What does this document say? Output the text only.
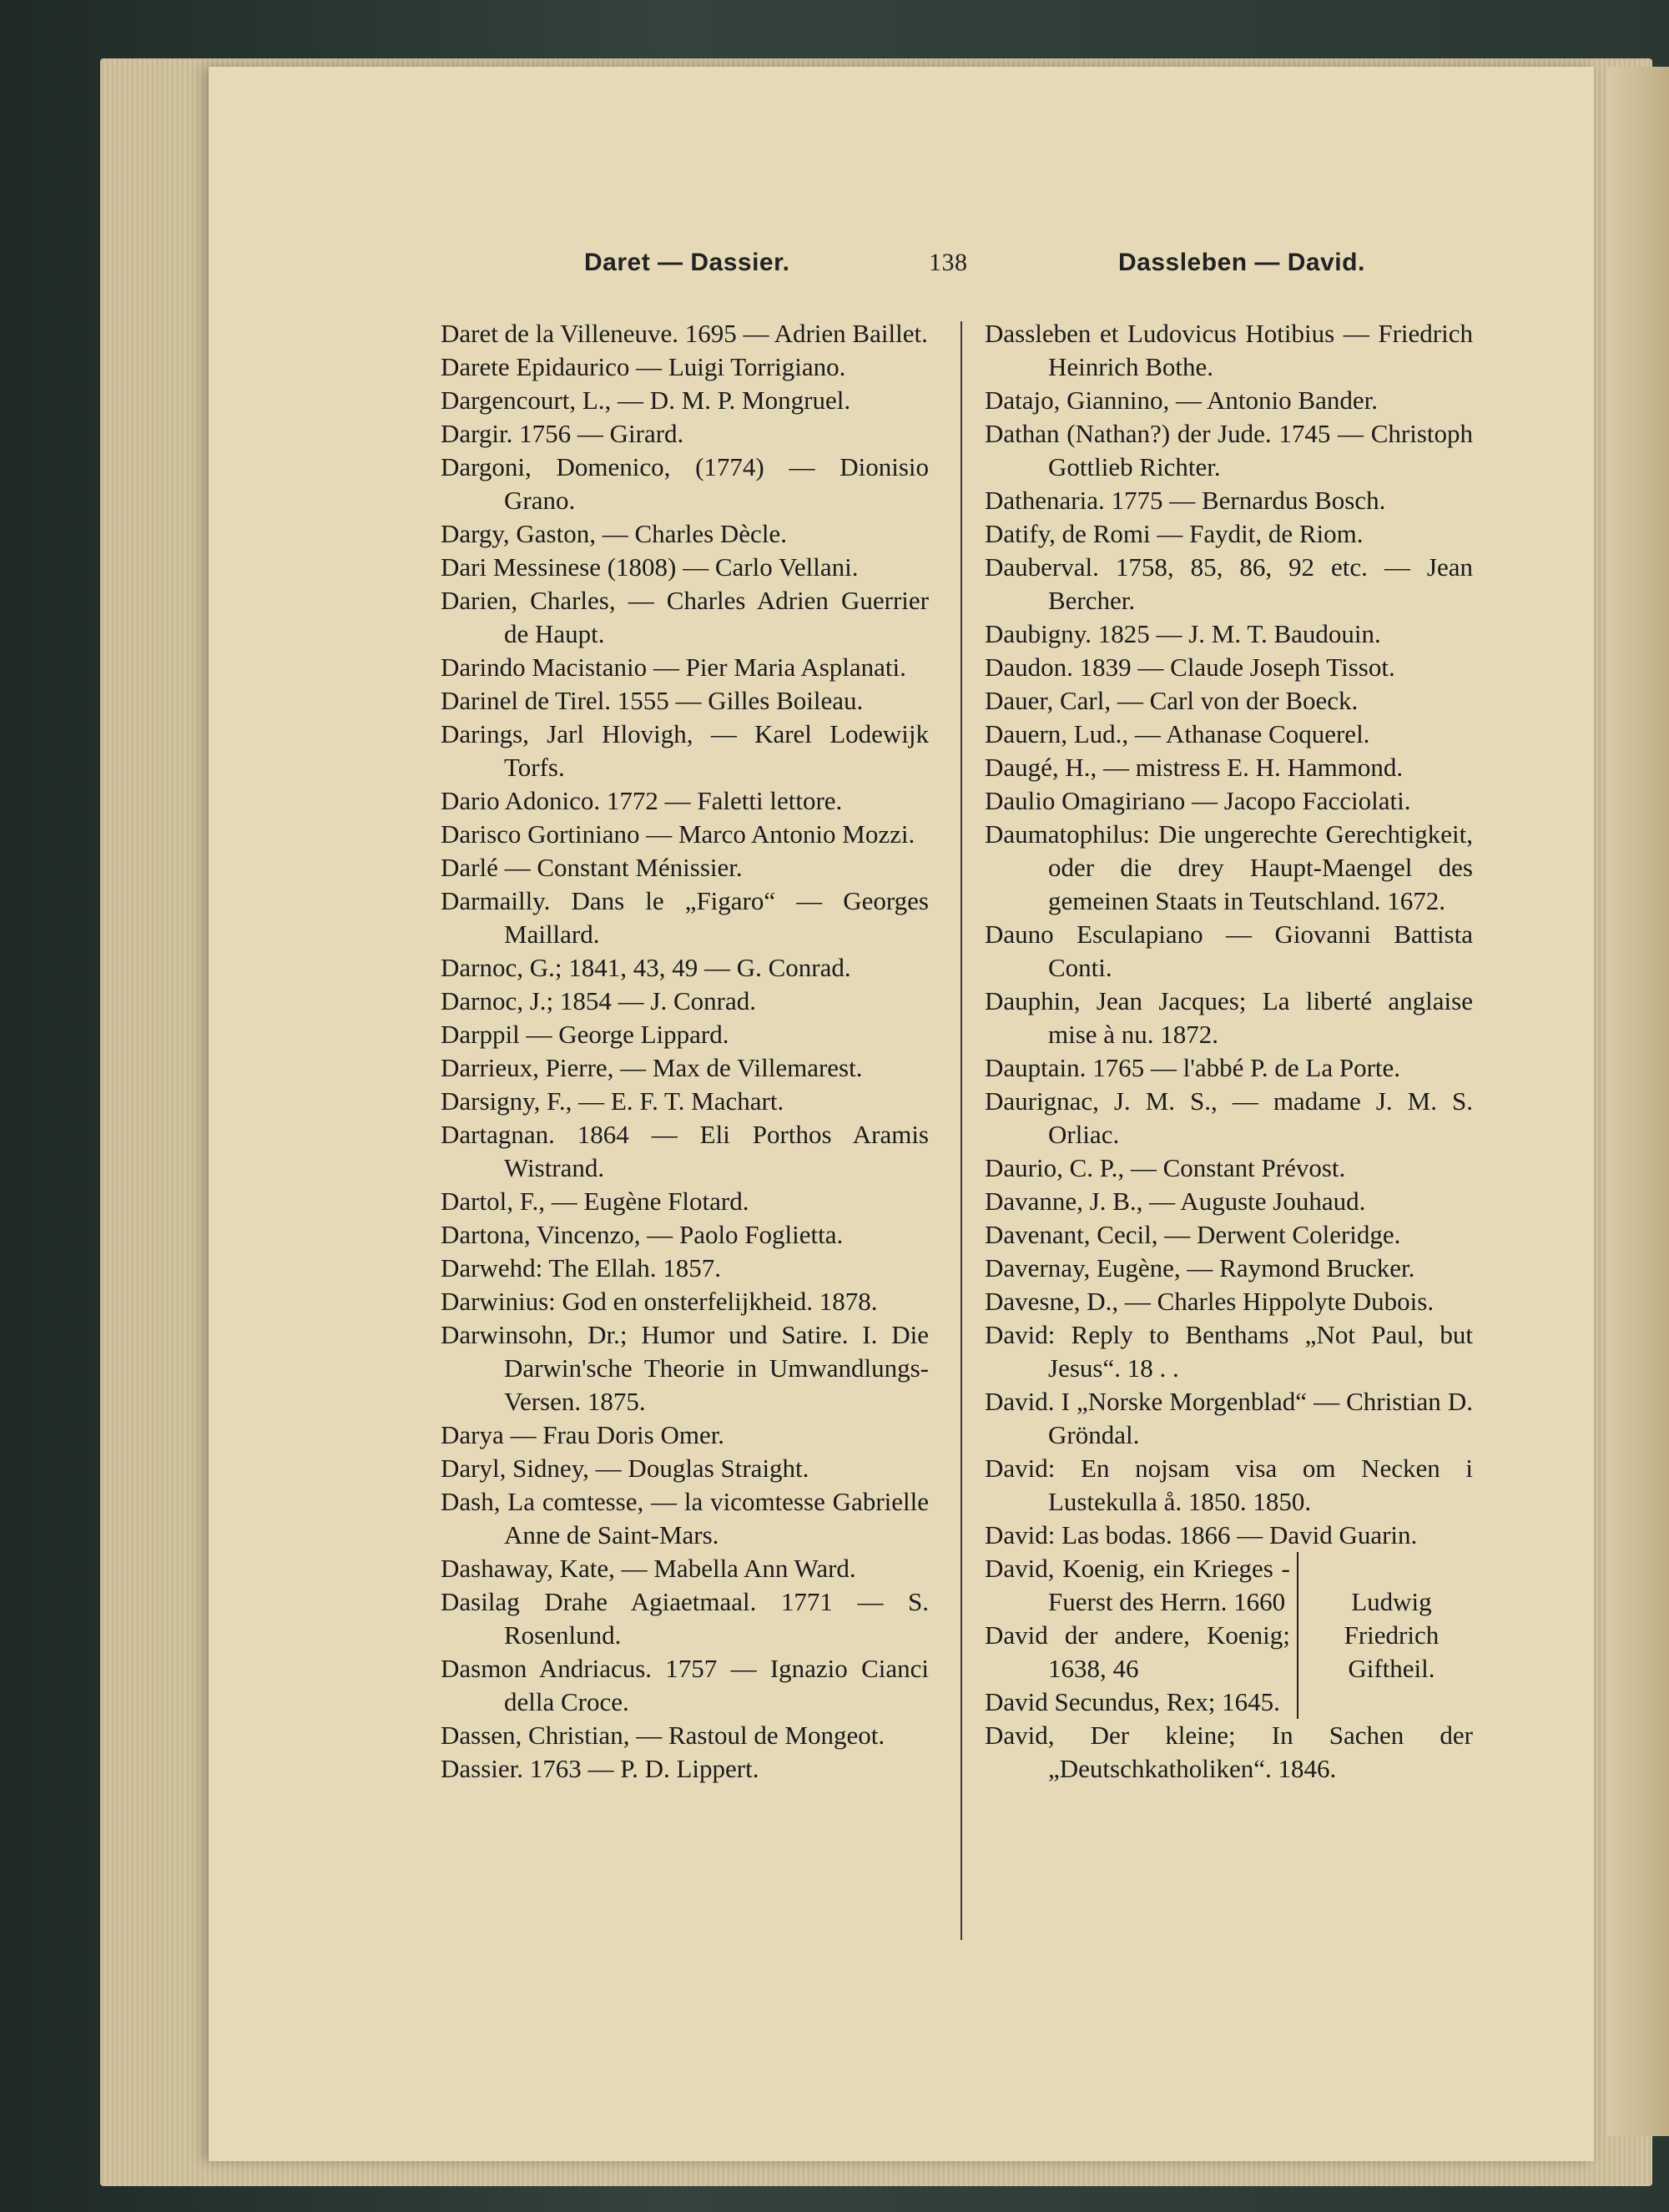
Daret — Dassier.	138	Dassleben — David.

Daret de la Villeneuve. 1695 — Adrien Baillet.

Darete Epidaurico — Luigi Torrigiano.

Dargencourt, L., — D. M. P. Mongruel.

Dargir. 1756 — Girard.

Dargoni, Domenico, (1774) — Dionisio Grano.

Dargy, Gaston, — Charles Dècle.

Dari Messinese (1808) — Carlo Vellani.

Darien, Charles, — Charles Adrien Guerrier de Haupt.

Darindo Macistanio — Pier Maria Asplanati.

Darinel de Tirel. 1555 — Gilles Boileau.

Darings, Jarl Hlovigh, — Karel Lodewijk Torfs.

Dario Adonico. 1772 — Faletti lettore.

Darisco Gortiniano — Marco Antonio Mozzi.

Darlé — Constant Ménissier.

Darmailly. Dans le „Figaro“ — Georges Maillard.

Darnoc, G.; 1841, 43, 49 — G. Conrad.

Darnoc, J.; 1854 — J. Conrad.

Darppil — George Lippard.

Darrieux, Pierre, — Max de Villemarest.

Darsigny, F., — E. F. T. Machart.

Dartagnan. 1864 — Eli Porthos Aramis Wistrand.

Dartol, F., — Eugène Flotard.

Dartona, Vincenzo, — Paolo Foglietta.

Darwehd: The Ellah. 1857.

Darwinius: God en onsterfelijkheid. 1878.

Darwinsohn, Dr.; Humor und Satire. I. Die Darwin'sche Theorie in Umwandlungs-Versen. 1875.

Darya — Frau Doris Omer.

Daryl, Sidney, — Douglas Straight.

Dash, La comtesse, — la vicomtesse Gabrielle Anne de Saint-Mars.

Dashaway, Kate, — Mabella Ann Ward.

Dasilag Drahe Agiaetmaal. 1771 — S. Rosenlund.

Dasmon Andriacus. 1757 — Ignazio Cianci della Croce.

Dassen, Christian, — Rastoul de Mongeot.

Dassier. 1763 — P. D. Lippert.

Dassleben et Ludovicus Hotibius — Friedrich Heinrich Bothe.

Datajo, Giannino, — Antonio Bander.

Dathan (Nathan?) der Jude. 1745 — Christoph Gottlieb Richter.

Dathenaria. 1775 — Bernardus Bosch.

Datify, de Romi — Faydit, de Riom.

Dauberval. 1758, 85, 86, 92 etc. — Jean Bercher.

Daubigny. 1825 — J. M. T. Baudouin.

Daudon. 1839 — Claude Joseph Tissot.

Dauer, Carl, — Carl von der Boeck.

Dauern, Lud., — Athanase Coquerel.

Daugé, H., — mistress E. H. Hammond.

Daulio Omagiriano — Jacopo Facciolati.

Daumatophilus: Die ungerechte Gerechtigkeit, oder die drey Haupt-Maengel des gemeinen Staats in Teutschland. 1672.

Dauno Esculapiano — Giovanni Battista Conti.

Dauphin, Jean Jacques; La liberté anglaise mise à nu. 1872.

Dauptain. 1765 — l'abbé P. de La Porte.

Daurignac, J. M. S., — madame J. M. S. Orliac.

Daurio, C. P., — Constant Prévost.

Davanne, J. B., — Auguste Jouhaud.

Davenant, Cecil, — Derwent Coleridge.

Davernay, Eugène, — Raymond Brucker.

Davesne, D., — Charles Hippolyte Dubois.

David: Reply to Benthams „Not Paul, but Jesus“. 18 . .

David. I „Norske Morgenblad“ — Christian D. Gröndal.

David: En nojsam visa om Necken i Lustekulla å. 1850. 1850.

David: Las bodas. 1866 — David Guarin.

David, Koenig, ein Krieges - Fuerst des Herrn. 1660

David der andere, Koenig; 1638, 46

David Secundus, Rex; 1645.

Ludwig Friedrich Giftheil.

David, Der kleine; In Sachen der „Deutschkatholiken“. 1846.
